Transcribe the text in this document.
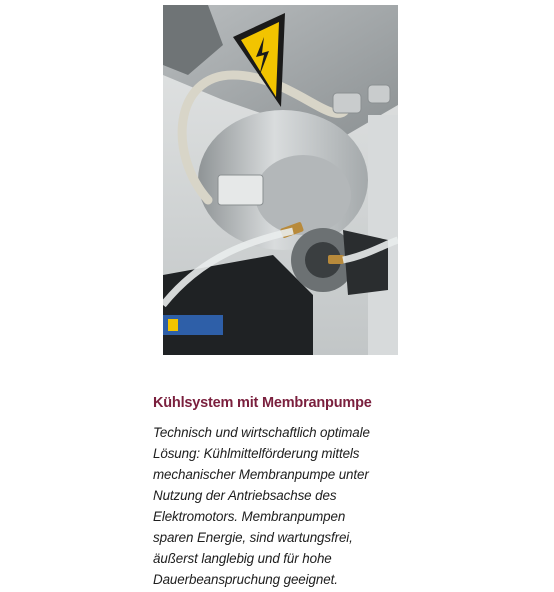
Kühlsystem mit Membranpumpe
Technisch und wirtschaftlich optimale
Lösung: Kühlmittelförderung mittels
mechanischer Membranpumpe unter
Nutzung der Antriebsachse des
Elektromotors. Membranpumpen
sparen Energie, sind wartungsfrei,
äußerst langlebig und für hohe
Dauerbeanspruchung geeignet.
